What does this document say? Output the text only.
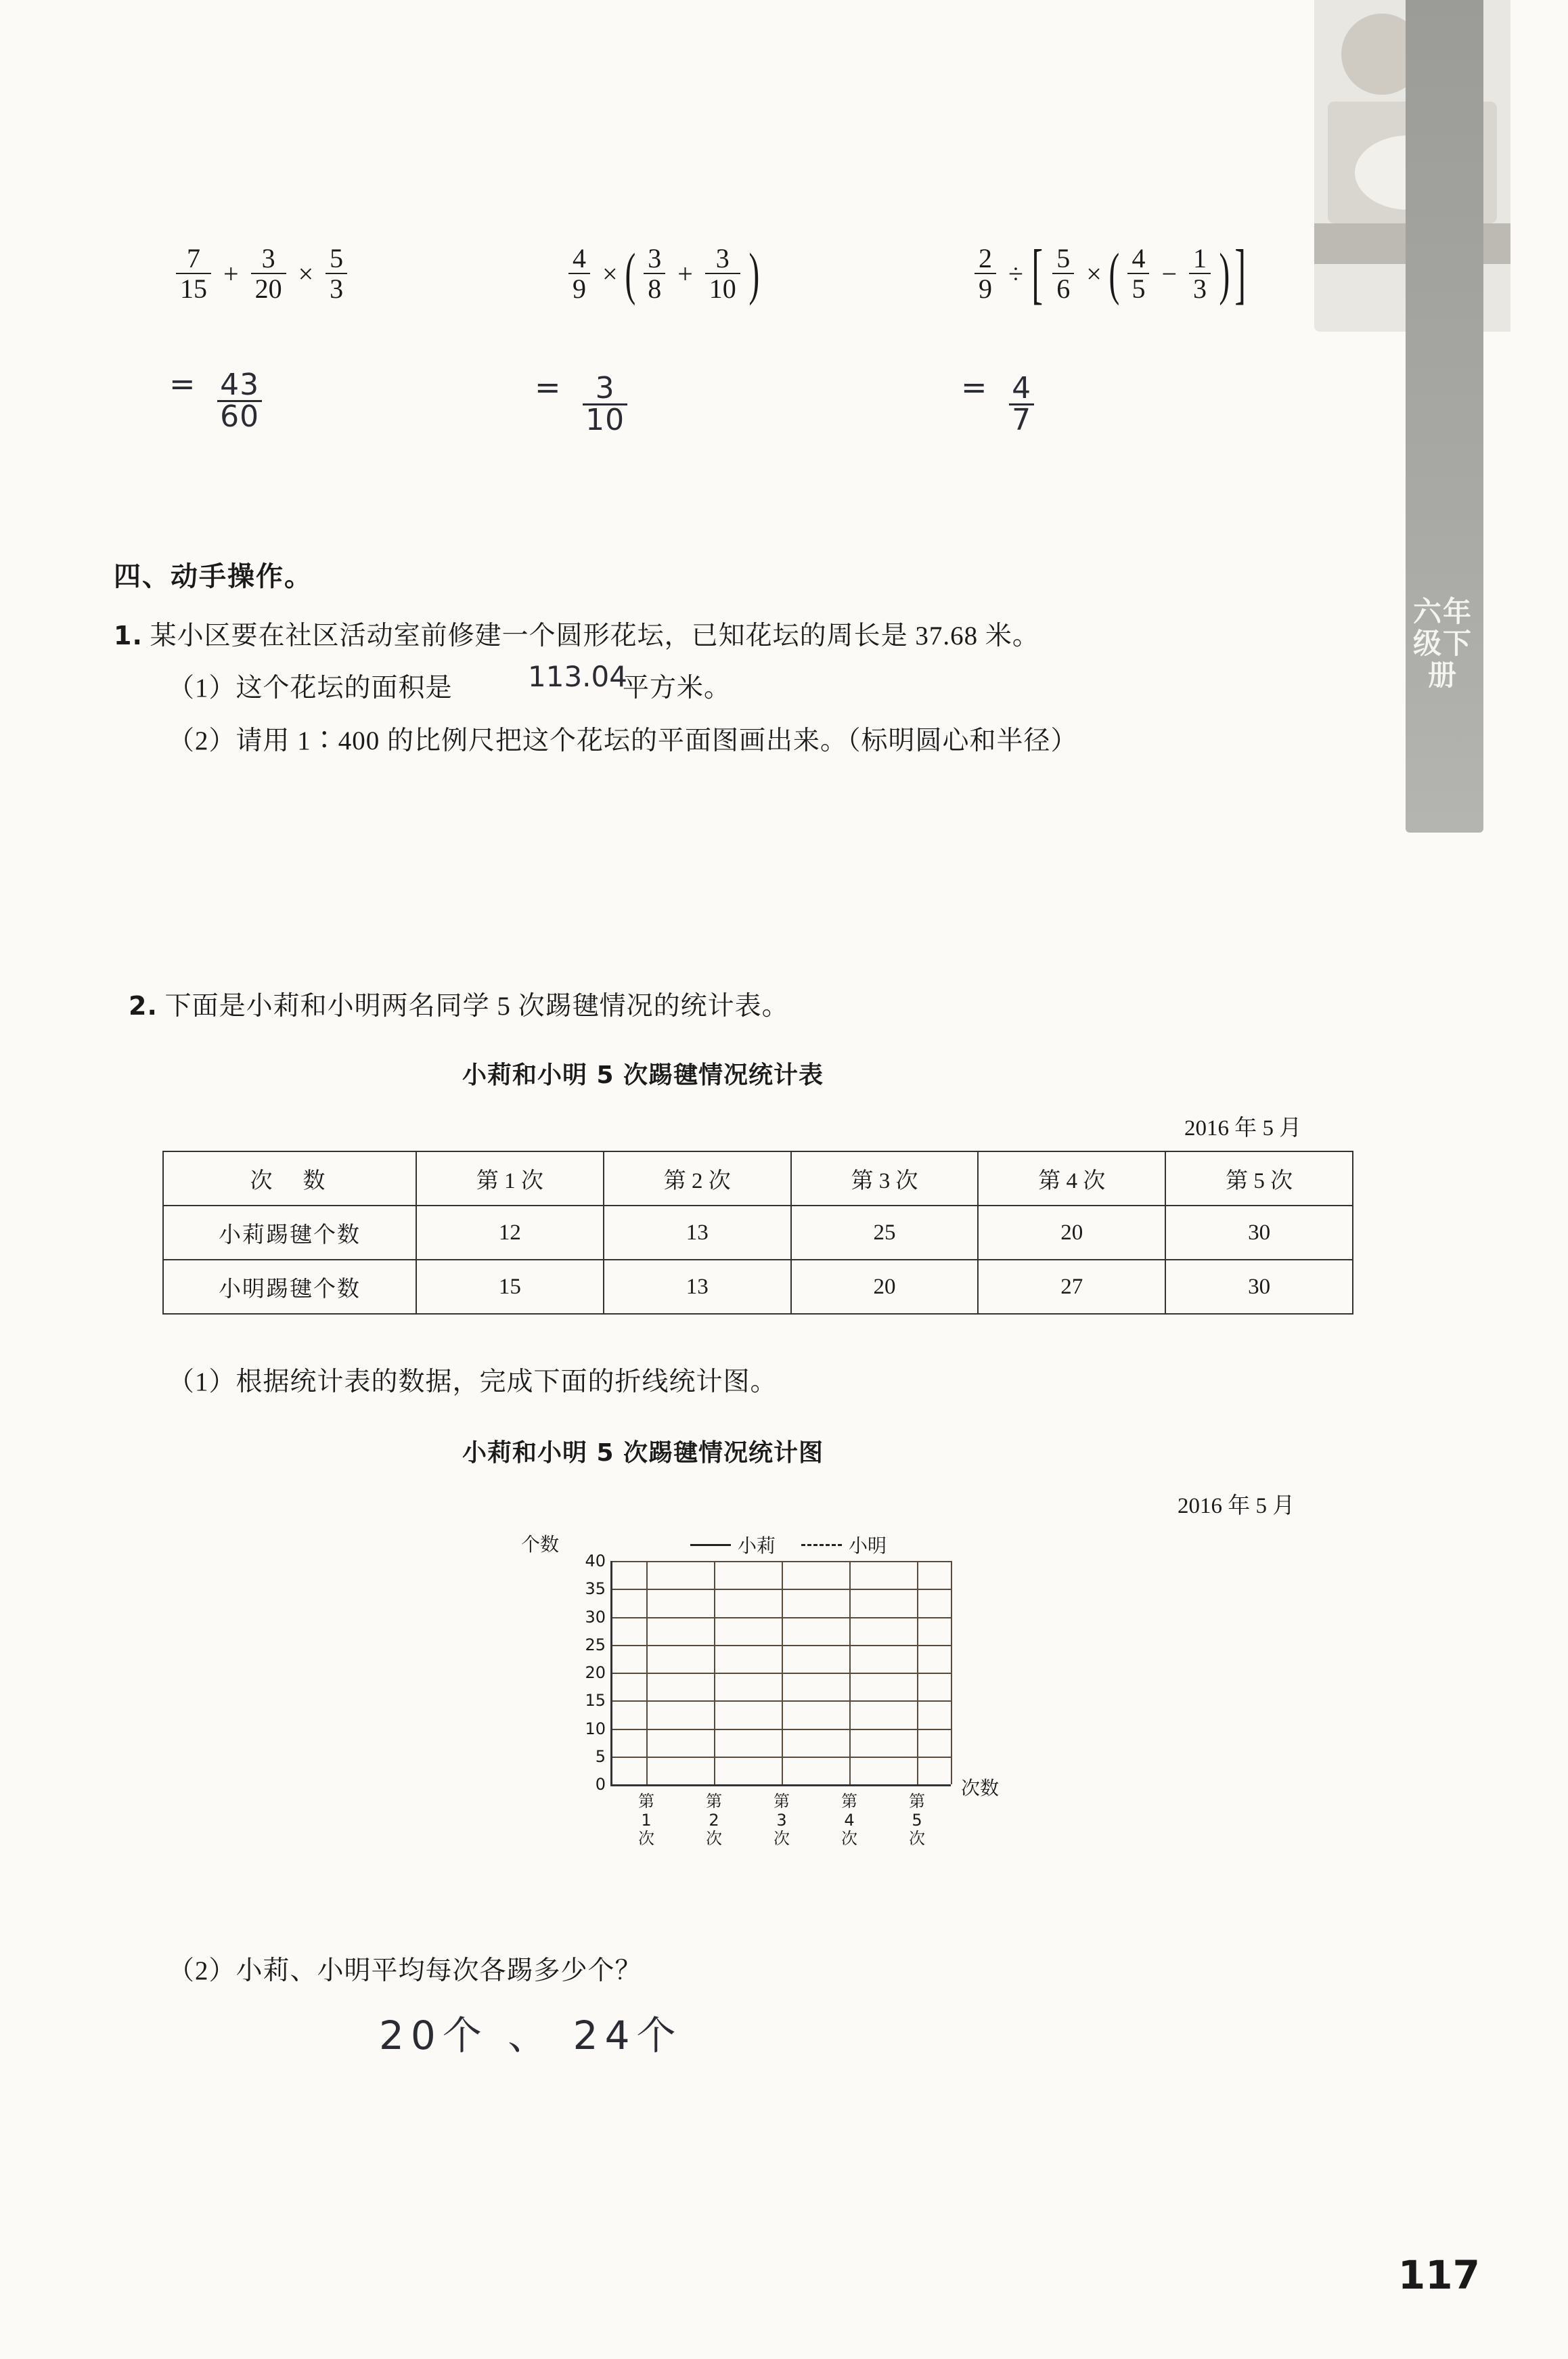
六年级下册
$\frac{7}{15} + \frac{3}{20} \times \frac{5}{3}$	$\frac{4}{9}$ × ( $\frac{3}{8} + \frac{3}{10}$ )	$\frac{2}{9}$ ÷ [ $\frac{5}{6}$ × ( $\frac{4}{5} - \frac{1}{3}$ ) ]
= $\frac{43}{60}$	= $\frac{3}{10}$	= $\frac{4}{7}$
四、动手操作。
1. 某小区要在社区活动室前修建一个圆形花坛，已知花坛的周长是 37.68 米。
（1）这个花坛的面积是	平方米。
113.04
（2）请用 1∶400 的比例尺把这个花坛的平面图画出来。（标明圆心和半径）
2. 下面是小莉和小明两名同学 5 次踢毽情况的统计表。
小莉和小明 5 次踢毽情况统计表
2016 年 5 月
次　数	第 1 次	第 2 次	第 3 次	第 4 次	第 5 次
小莉踢毽个数	12	13	25	20	30
小明踢毽个数	15	13	20	27	30
（1）根据统计表的数据，完成下面的折线统计图。
小莉和小明 5 次踢毽情况统计图
2016 年 5 月
个数	小莉	小明
40
35
30
25
20
15
10
5
0
第
1
次
第
2
次
第
3
次
第
4
次
第
5
次
次数
（2）小莉、小明平均每次各踢多少个？
20个 、 24个
117
